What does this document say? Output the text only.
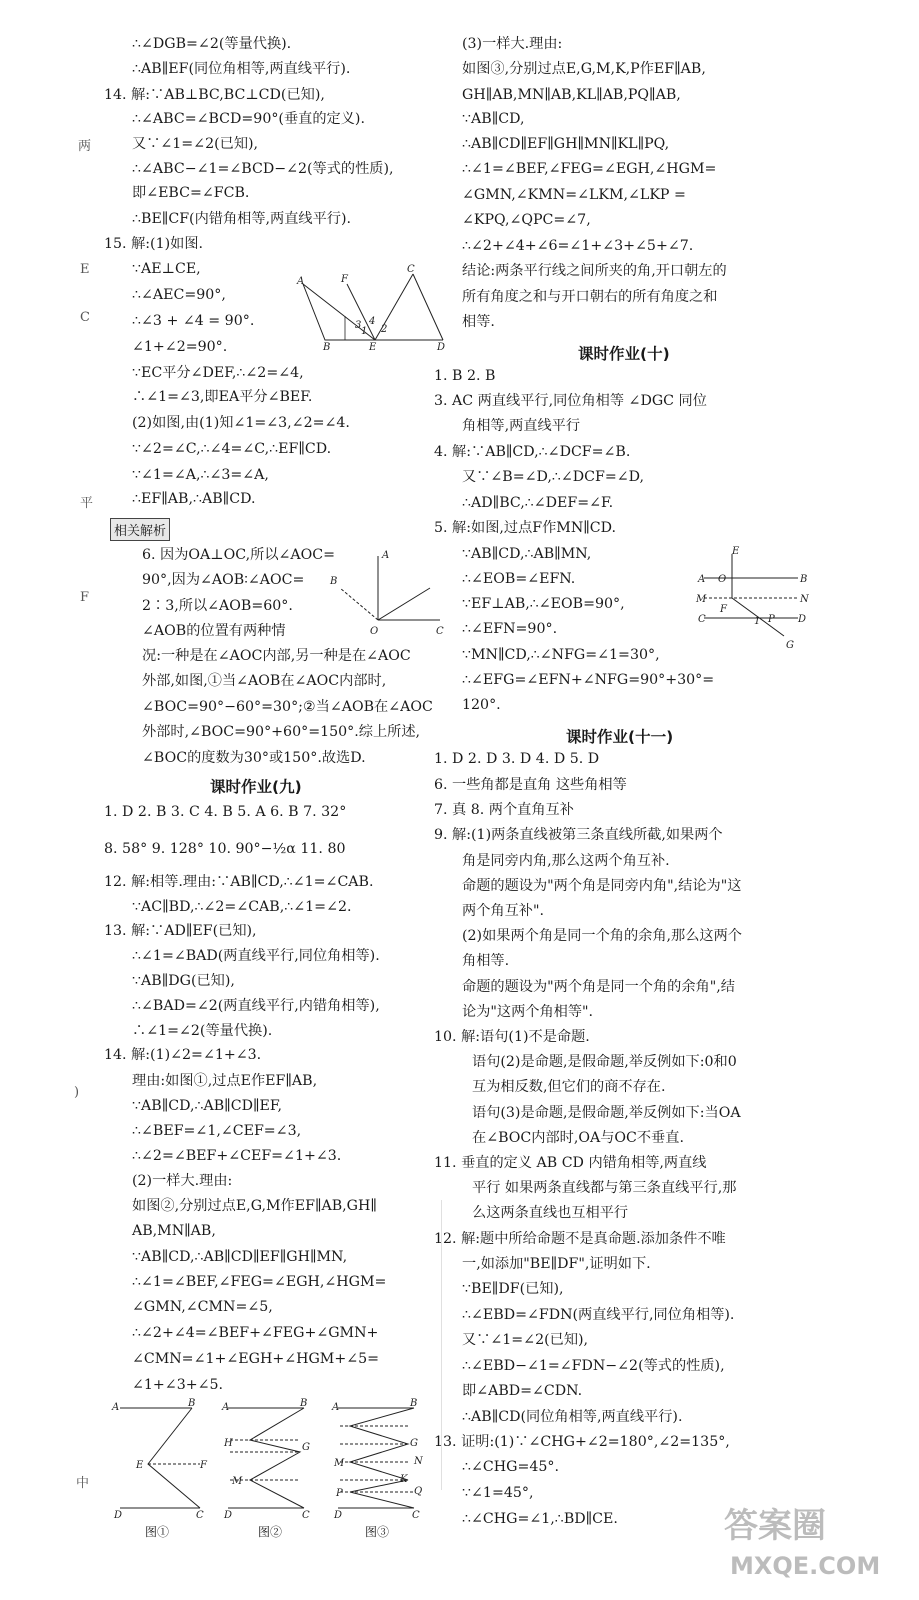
两
E
C
平
F
)
中
∴∠DGB=∠2(等量代换).
∴AB∥EF(同位角相等,两直线平行).
14. 解:∵AB⊥BC,BC⊥CD(已知),
∴∠ABC=∠BCD=90°(垂直的定义).
又∵∠1=∠2(已知),
∴∠ABC−∠1=∠BCD−∠2(等式的性质),
即∠EBC=∠FCB.
∴BE∥CF(内错角相等,两直线平行).
15. 解:(1)如图.
∵AE⊥CE,
∴∠AEC=90°,
∴∠3 + ∠4 = 90°.
∠1+∠2=90°.
∵EC平分∠DEF,∴∠2=∠4,
∴∠1=∠3,即EA平分∠BEF.
(2)如图,由(1)知∠1=∠3,∠2=∠4.
∵∠2=∠C,∴∠4=∠C,∴EF∥CD.
∵∠1=∠A,∴∠3=∠A,
∴EF∥AB,∴AB∥CD.
6. 因为OA⊥OC,所以∠AOC=
90°,因为∠AOB∶∠AOC=
2∶3,所以∠AOB=60°.
∠AOB的位置有两种情
况:一种是在∠AOC内部,另一种是在∠AOC
外部,如图,①当∠AOB在∠AOC内部时,
∠BOC=90°−60°=30°;②当∠AOB在∠AOC
外部时,∠BOC=90°+60°=150°.综上所述,
∠BOC的度数为30°或150°.故选D.
1. D 2. B 3. C 4. B 5. A 6. B 7. 32°
8. 58° 9. 128° 10. 90°−½α 11. 80
12. 解:相等.理由:∵AB∥CD,∴∠1=∠CAB.
∵AC∥BD,∴∠2=∠CAB,∴∠1=∠2.
13. 解:∵AD∥EF(已知),
∴∠1=∠BAD(两直线平行,同位角相等).
∵AB∥DG(已知),
∴∠BAD=∠2(两直线平行,内错角相等),
∴∠1=∠2(等量代换).
14. 解:(1)∠2=∠1+∠3.
理由:如图①,过点E作EF∥AB,
∵AB∥CD,∴AB∥CD∥EF,
∴∠BEF=∠1,∠CEF=∠3,
∴∠2=∠BEF+∠CEF=∠1+∠3.
(2)一样大.理由:
如图②,分别过点E,G,M作EF∥AB,GH∥
AB,MN∥AB,
∵AB∥CD,∴AB∥CD∥EF∥GH∥MN,
∴∠1=∠BEF,∠FEG=∠EGH,∠HGM=
∠GMN,∠CMN=∠5,
∴∠2+∠4=∠BEF+∠FEG+∠GMN+
∠CMN=∠1+∠EGH+∠HGM+∠5=
∠1+∠3+∠5.
相关解析
课时作业(九)
A	F
C
B	E	D
3 4
1 2
A
B
O	C
A	B
E	F
D	C
A	B
H	G
M
D	C
A	B
G
N
M
K
Q
P
D	C
图①	图②	图③
(3)一样大.理由:
如图③,分别过点E,G,M,K,P作EF∥AB,
GH∥AB,MN∥AB,KL∥AB,PQ∥AB,
∵AB∥CD,
∴AB∥CD∥EF∥GH∥MN∥KL∥PQ,
∴∠1=∠BEF,∠FEG=∠EGH,∠HGM=
∠GMN,∠KMN=∠LKM,∠LKP =
∠KPQ,∠QPC=∠7,
∴∠2+∠4+∠6=∠1+∠3+∠5+∠7.
结论:两条平行线之间所夹的角,开口朝左的
所有角度之和与开口朝右的所有角度之和
相等.
1. B 2. B
3. AC 两直线平行,同位角相等 ∠DGC 同位
角相等,两直线平行
4. 解:∵AB∥CD,∴∠DCF=∠B.
又∵∠B=∠D,∴∠DCF=∠D,
∴AD∥BC,∴∠DEF=∠F.
5. 解:如图,过点F作MN∥CD.
∵AB∥CD,∴AB∥MN,
∴∠EOB=∠EFN.
∵EF⊥AB,∴∠EOB=90°,
∴∠EFN=90°.
∵MN∥CD,∴∠NFG=∠1=30°,
∴∠EFG=∠EFN+∠NFG=90°+30°=
120°.
1. D 2. D 3. D 4. D 5. D
6. 一些角都是直角 这些角相等
7. 真 8. 两个直角互补
9. 解:(1)两条直线被第三条直线所截,如果两个
角是同旁内角,那么这两个角互补.
命题的题设为"两个角是同旁内角",结论为"这
两个角互补".
(2)如果两个角是同一个角的余角,那么这两个
角相等.
命题的题设为"两个角是同一个角的余角",结
论为"这两个角相等".
10. 解:语句(1)不是命题.
语句(2)是命题,是假命题,举反例如下:0和0
互为相反数,但它们的商不存在.
语句(3)是命题,是假命题,举反例如下:当OA
在∠BOC内部时,OA与OC不垂直.
11. 垂直的定义 AB CD 内错角相等,两直线
平行 如果两条直线都与第三条直线平行,那
么这两条直线也互相平行
12. 解:题中所给命题不是真命题.添加条件不唯
一,如添加"BE∥DF",证明如下.
∵BE∥DF(已知),
∴∠EBD=∠FDN(两直线平行,同位角相等).
又∵∠1=∠2(已知),
∴∠EBD−∠1=∠FDN−∠2(等式的性质),
即∠ABD=∠CDN.
∴AB∥CD(同位角相等,两直线平行).
13. 证明:(1)∵∠CHG+∠2=180°,∠2=135°,
∴∠CHG=45°.
∵∠1=45°,
∴∠CHG=∠1,∴BD∥CE.
课时作业(十)
课时作业(十一)
E
A O	B
M	N
F
C	D
P
G
1
答案圈
MXQE.COM
